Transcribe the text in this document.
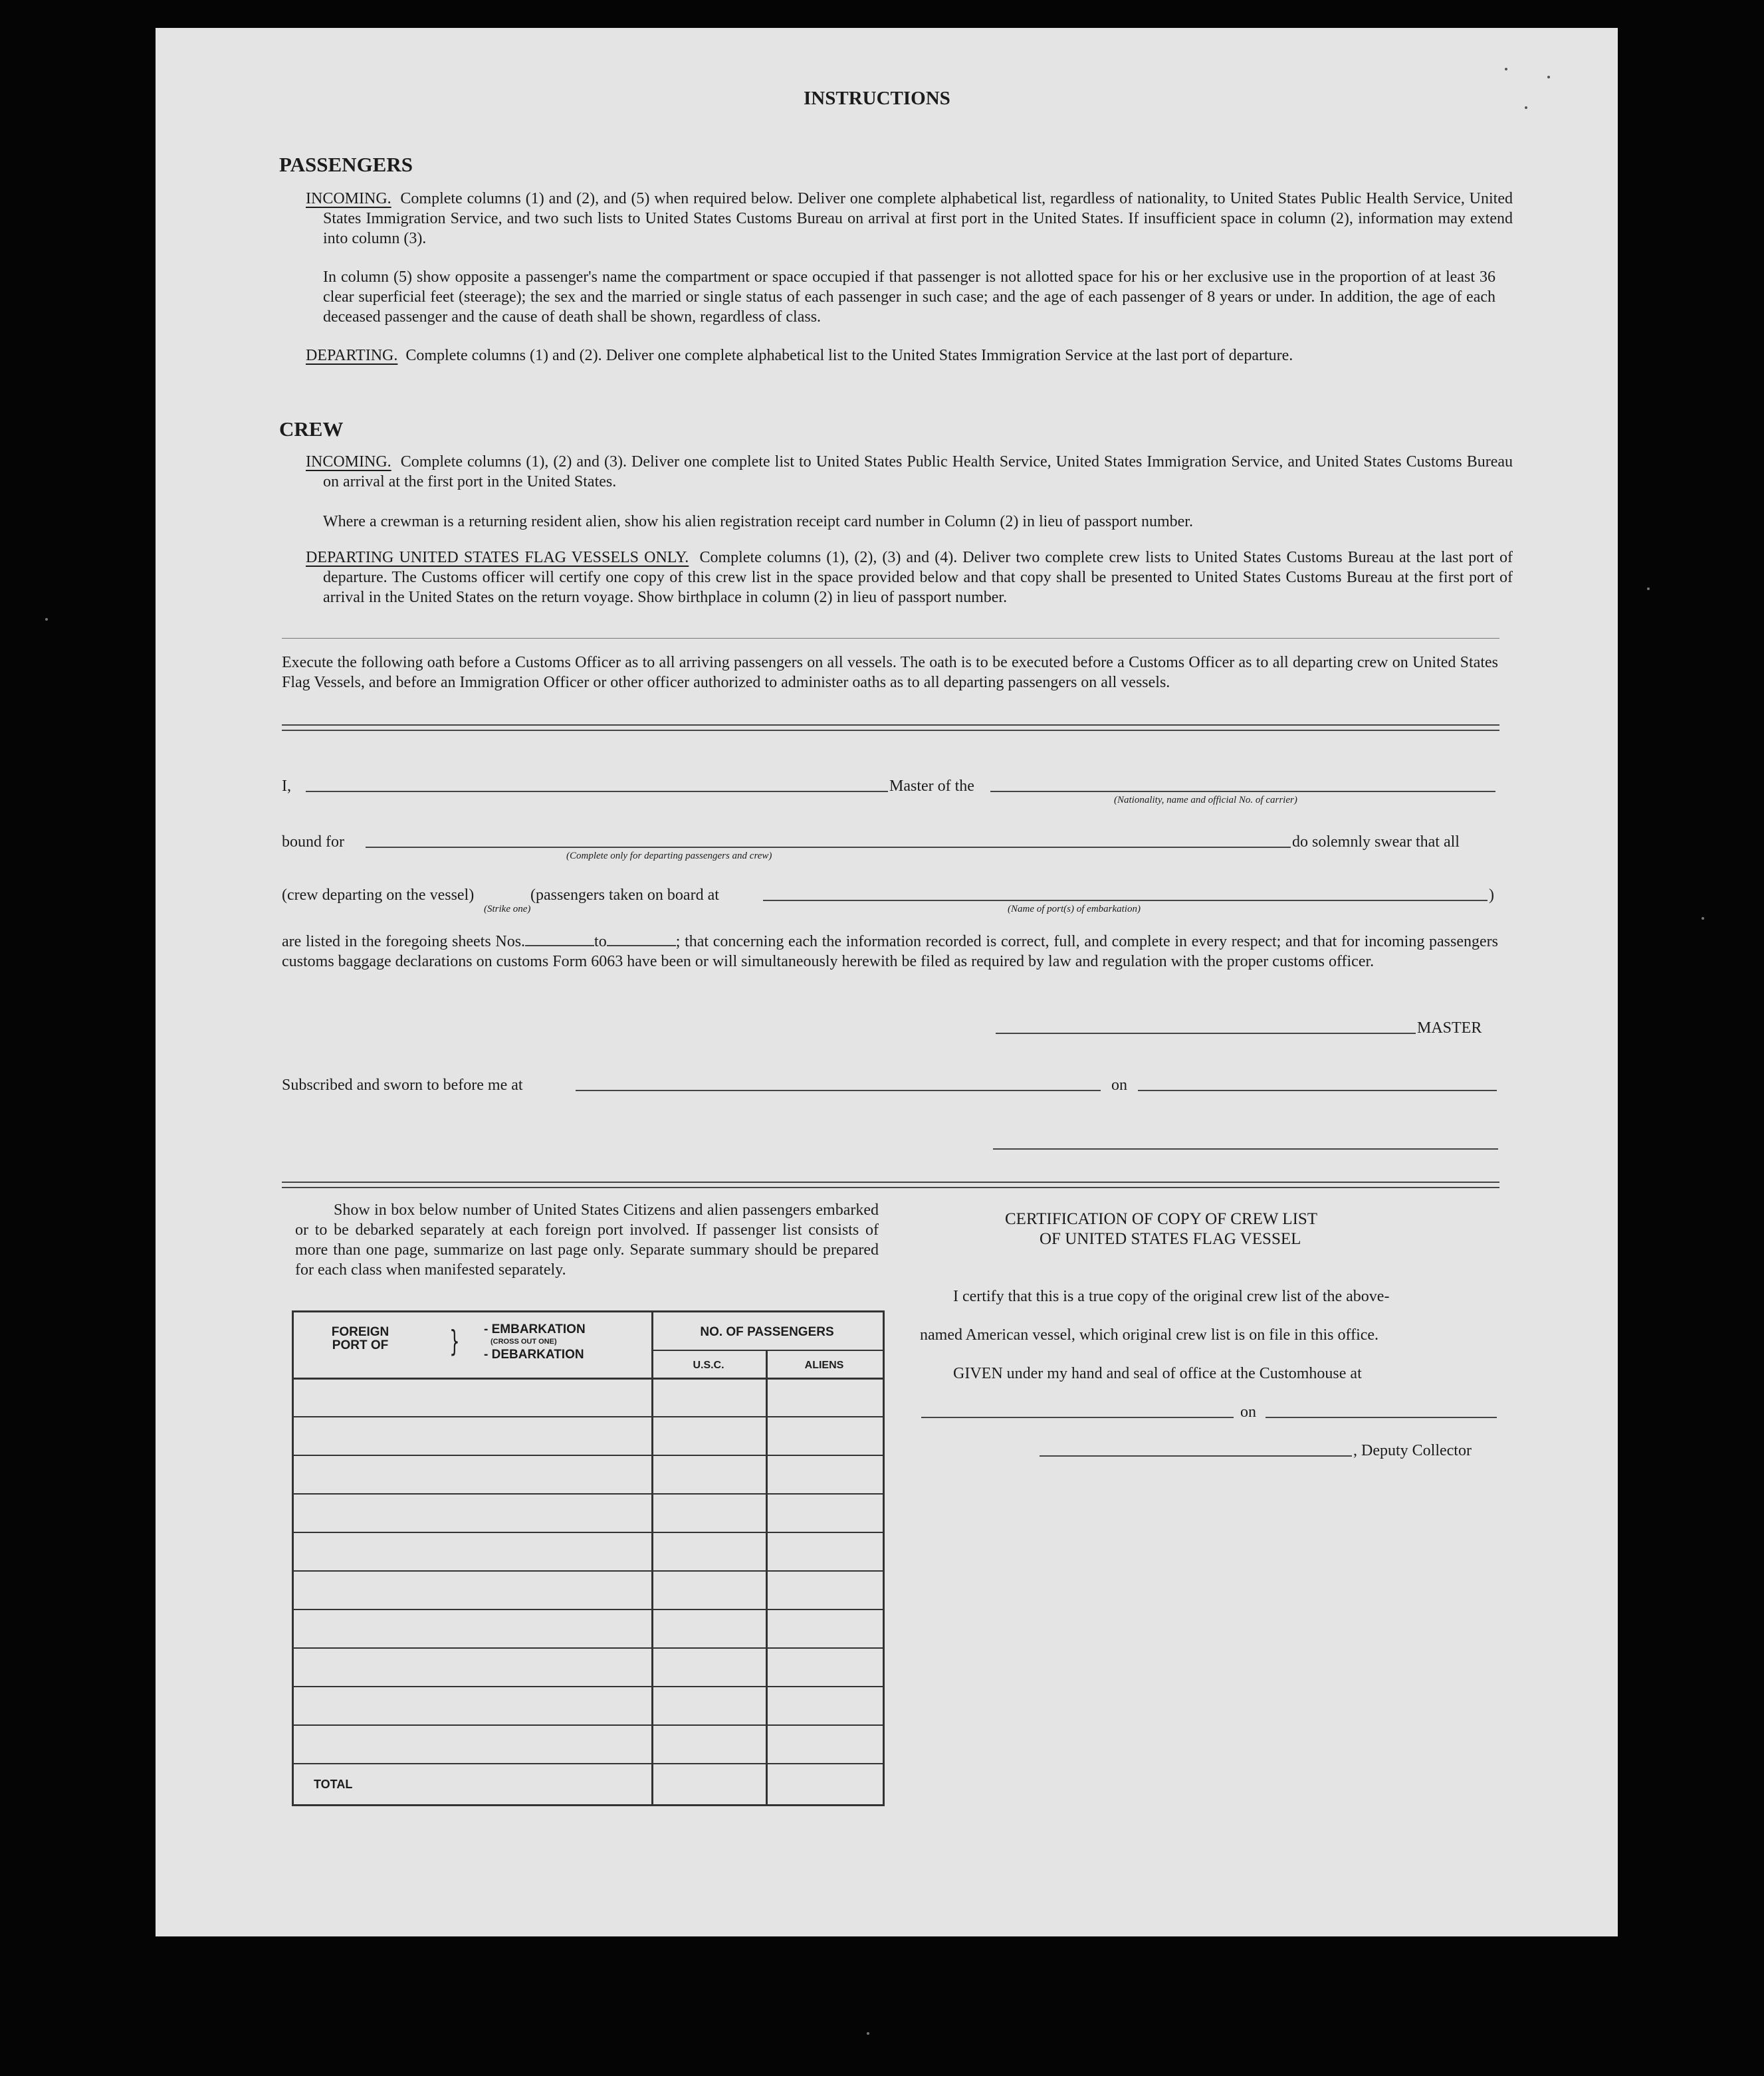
INSTRUCTIONS
PASSENGERS
INCOMING. Complete columns (1) and (2), and (5) when required below. Deliver one complete alphabetical list, regardless of nationality, to United States Public Health Service, United States Immigration Service, and two such lists to United States Customs Bureau on arrival at first port in the United States. If insufficient space in column (2), information may extend into column (3).
In column (5) show opposite a passenger's name the compartment or space occupied if that passenger is not allotted space for his or her exclusive use in the proportion of at least 36 clear superficial feet (steerage); the sex and the married or single status of each passenger in such case; and the age of each passenger of 8 years or under. In addition, the age of each deceased passenger and the cause of death shall be shown, regardless of class.
DEPARTING. Complete columns (1) and (2). Deliver one complete alphabetical list to the United States Immigration Service at the last port of departure.
CREW
INCOMING. Complete columns (1), (2) and (3). Deliver one complete list to United States Public Health Service, United States Immigration Service, and United States Customs Bureau on arrival at the first port in the United States.
Where a crewman is a returning resident alien, show his alien registration receipt card number in Column (2) in lieu of passport number.
DEPARTING UNITED STATES FLAG VESSELS ONLY. Complete columns (1), (2), (3) and (4). Deliver two complete crew lists to United States Customs Bureau at the last port of departure. The Customs officer will certify one copy of this crew list in the space provided below and that copy shall be presented to United States Customs Bureau at the first port of arrival in the United States on the return voyage. Show birthplace in column (2) in lieu of passport number.
Execute the following oath before a Customs Officer as to all arriving passengers on all vessels. The oath is to be executed before a Customs Officer as to all departing crew on United States Flag Vessels, and before an Immigration Officer or other officer authorized to administer oaths as to all departing passengers on all vessels.
I,	Master of the
(Nationality, name and official No. of carrier)
bound for
(Complete only for departing passengers and crew)
do solemnly swear that all
(crew departing on the vessel)
(Strike one)
(passengers taken on board at	)
(Name of port(s) of embarkation)
are listed in the foregoing sheets Nos.	to	; that concerning each the information recorded is correct, full, and complete in every respect; and that for incoming passengers customs baggage declarations on customs Form 6063 have been or will simultaneously herewith be filed as required by law and regulation with the proper customs officer.
MASTER
Subscribed and sworn to before me at	on
Show in box below number of United States Citizens and alien passengers embarked or to be debarked separately at each foreign port involved. If passenger list consists of more than one page, summarize on last page only. Separate summary should be prepared for each class when manifested separately.
FOREIGN PORT OF	} - EMBARKATION
(CROSS OUT ONE)
- DEBARKATION
NO. OF PASSENGERS
U.S.C.	ALIENS
TOTAL
CERTIFICATION OF COPY OF CREW LIST
OF UNITED STATES FLAG VESSEL
I certify that this is a true copy of the original crew list of the above-
named American vessel, which original crew list is on file in this office.
GIVEN under my hand and seal of office at the Customhouse at
on
, Deputy Collector
